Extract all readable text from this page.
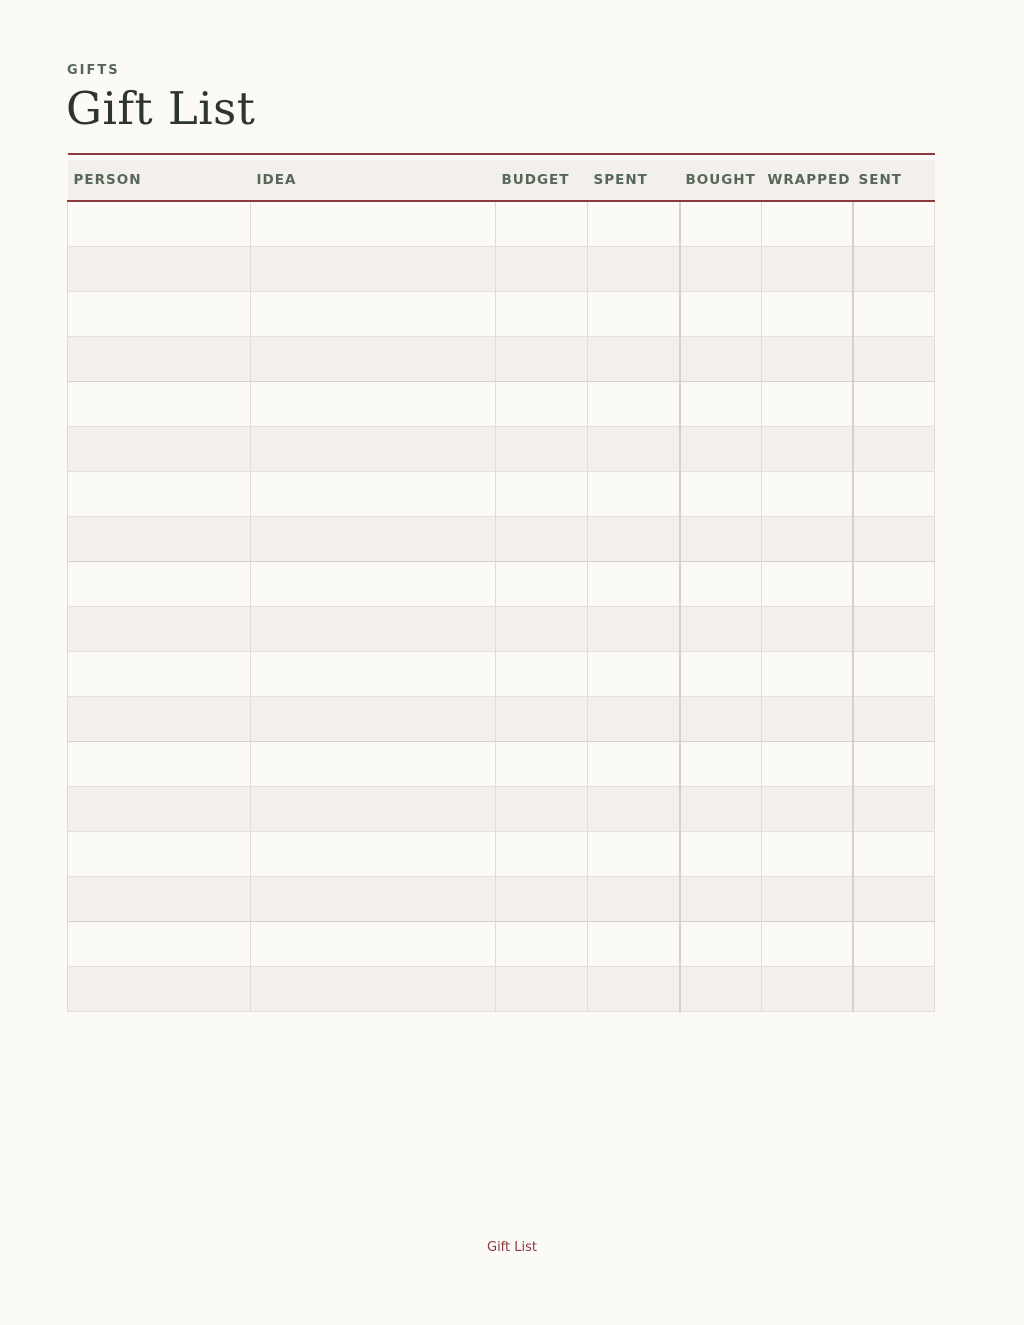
GIFTS
Gift List
PERSON	IDEA	BUDGET	SPENT	BOUGHT	WRAPPED	SENT

Gift List
